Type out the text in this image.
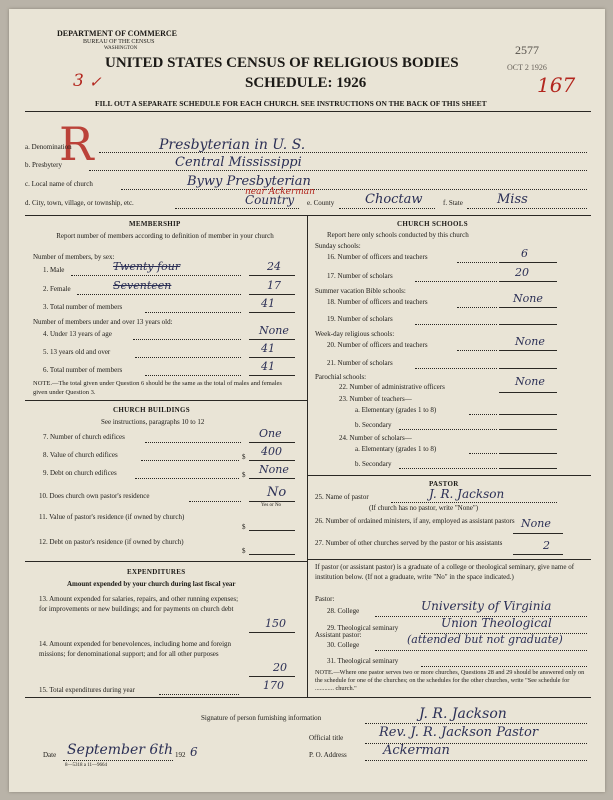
DEPARTMENT OF COMMERCE
BUREAU OF THE CENSUS
WASHINGTON
UNITED STATES CENSUS OF RELIGIOUS BODIES
SCHEDULE: 1926
FILL OUT A SEPARATE SCHEDULE FOR EACH CHURCH. SEE INSTRUCTIONS ON THE BACK OF THIS SHEET
2577
OCT 2 1926
3 ✓	167
R
a. Denomination	Presbyterian in U. S.
b. Presbytery	Central Mississippi
c. Local name of church	Bywy Presbyterian
near Ackerman
d. City, town, village, or township, etc.	Country e. County Choctaw	f. State	Miss
MEMBERSHIP
Report number of members according to definition of member in your church
Number of members, by sex:
1. Male	Twenty four	24
2. Female	Seventeen	17
3. Total number of members	41
Number of members under and over 13 years old:
4. Under 13 years of age	None
5. 13 years old and over	41
6. Total number of members	41
NOTE.—The total given under Question 6 should be the same as the total of males and females given under Question 3.
CHURCH BUILDINGS
See instructions, paragraphs 10 to 12
7. Number of church edifices	One
8. Value of church edifices	$ 400
9. Debt on church edifices	$ None
10. Does church own pastor's residence	No
Yes or No
11. Value of pastor's residence (if owned by church)
$
12. Debt on pastor's residence (if owned by church)
$
EXPENDITURES
Amount expended by your church during last fiscal year
13. Amount expended for salaries, repairs, and other running expenses; for improvements or new buildings; and for payments on church debt
150
14. Amount expended for benevolences, including home and foreign missions; for denominational support; and for all other purposes
20
15. Total expenditures during year	170
CHURCH SCHOOLS
Report here only schools conducted by this church
Sunday schools:
16. Number of officers and teachers	6
17. Number of scholars	20
Summer vacation Bible schools:
18. Number of officers and teachers	None
19. Number of scholars
Week-day religious schools:
20. Number of officers and teachers	None
21. Number of scholars
Parochial schools:
22. Number of administrative officers	None
23. Number of teachers—
a. Elementary (grades 1 to 8)
b. Secondary
24. Number of scholars—
a. Elementary (grades 1 to 8)
b. Secondary
PASTOR
25. Name of pastor	J. R. Jackson
(If church has no pastor, write "None")
26. Number of ordained ministers, if any, employed as assistant pastors None
27. Number of other churches served by the pastor or his assistants	2
If pastor (or assistant pastor) is a graduate of a college or theological seminary, give name of institution below. (If not a graduate, write "No" in the space indicated.)
Pastor:
28. College	University of Virginia
29. Theological seminary	Union Theological
Assistant pastor:
30. College	(attended but not graduate)
31. Theological seminary
NOTE.—Where one pastor serves two or more churches, Questions 28 and 29 should be answered only on the schedule for one of the churches; on the schedules for the other churches, write "See schedule for ............ church."
Signature of person furnishing information	J. R. Jackson
Official title	Rev. J. R. Jackson Pastor
Date September 6th 192 6	P. O. Address	Ackerman
8—5318 a 11—9664
